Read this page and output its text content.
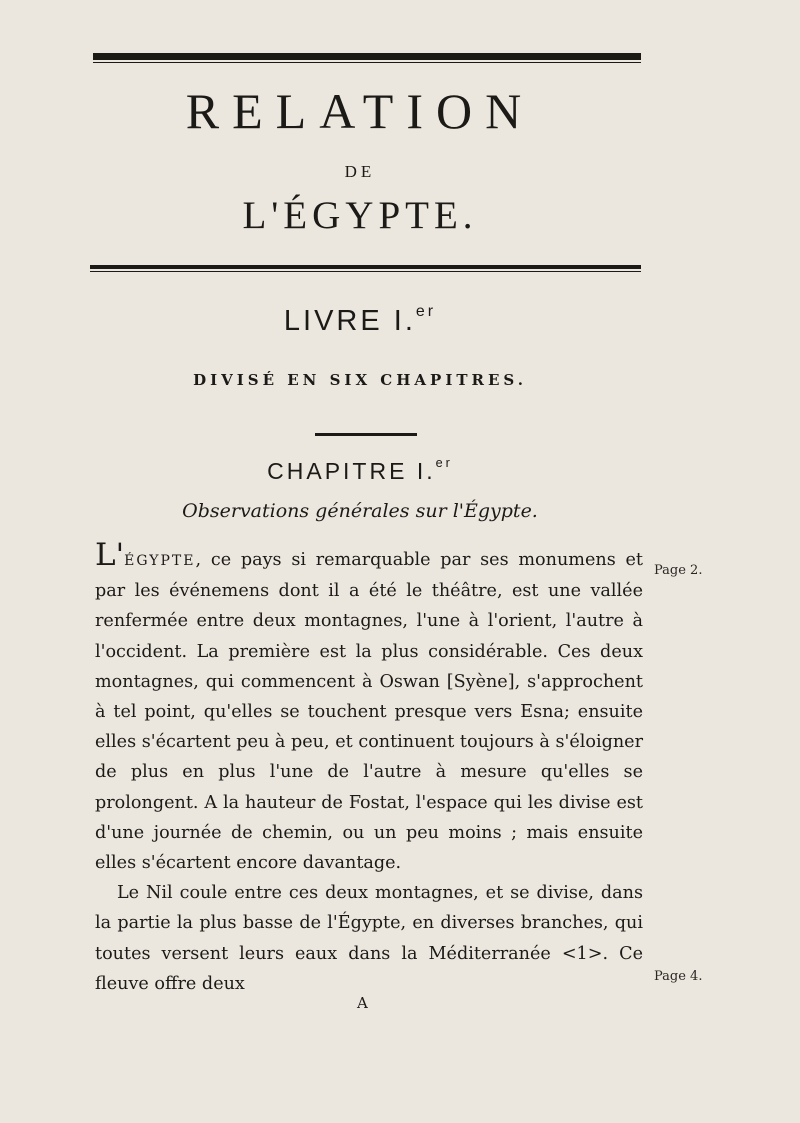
RELATION
DE
L'ÉGYPTE.
LIVRE I.$^{er}$
DIVISÉ EN SIX CHAPITRES.
CHAPITRE I.$^{er}$
Observations générales sur l'Égypte.

L'ÉGYPTE, ce pays si remarquable par ses monumens et par les événemens dont il a été le théâtre, est une vallée renfermée entre deux montagnes, l'une à l'orient, l'autre à l'occident. La première est la plus considérable. Ces deux montagnes, qui commencent à Oswan [Syène], s'approchent à tel point, qu'elles se touchent presque vers Esna; ensuite elles s'écartent peu à peu, et continuent toujours à s'éloigner de plus en plus l'une de l'autre à mesure qu'elles se prolongent. A la hauteur de Fostat, l'espace qui les divise est d'une journée de chemin, ou un peu moins ; mais ensuite elles s'écartent encore davantage.

Le Nil coule entre ces deux montagnes, et se divise, dans la partie la plus basse de l'Égypte, en diverses branches, qui toutes versent leurs eaux dans la Méditerranée <1>. Ce fleuve offre deux

Page 2.
Page 4.
A
